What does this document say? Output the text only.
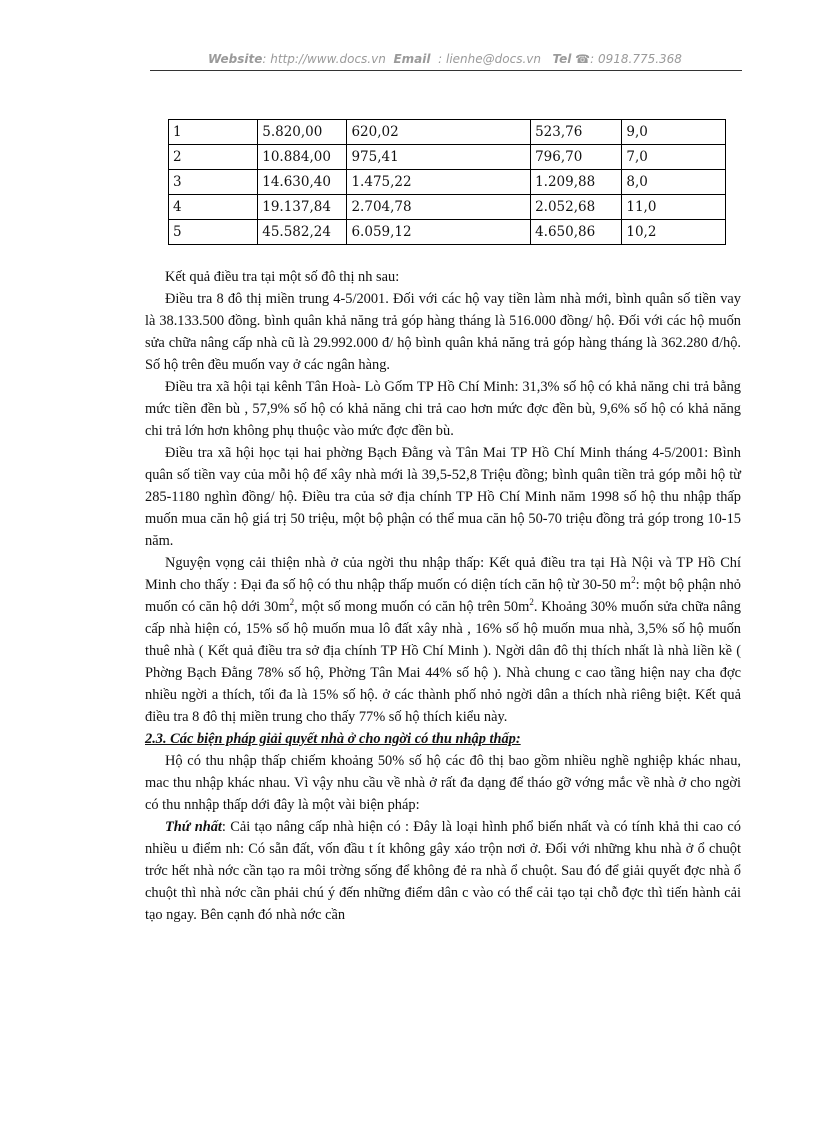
Website: http://www.docs.vn Email : lienhe@docs.vn Tel ☎: 0918.775.368
1	5.820,00	620,02	523,76	9,0
2	10.884,00	975,41	796,70	7,0
3	14.630,40	1.475,22	1.209,88	8,0
4	19.137,84	2.704,78	2.052,68	11,0
5	45.582,24	6.059,12	4.650,86	10,2

Kết quả điều tra tại một số đô thị nh sau:

Điều tra 8 đô thị miền trung 4-5/2001. Đối với các hộ vay tiền làm nhà mới, bình quân số tiền vay là 38.133.500 đồng. bình quân khả năng trả góp hàng tháng là 516.000 đồng/ hộ. Đối với các hộ muốn sửa chữa nâng cấp nhà cũ là 29.992.000 đ/ hộ bình quân khả năng trả góp hàng tháng là 362.280 đ/hộ. Số hộ trên đều muốn vay ở các ngân hàng.

Điều tra xã hội tại kênh Tân Hoà- Lò Gốm TP Hồ Chí Minh: 31,3% số hộ có khả năng chi trả bằng mức tiền đền bù , 57,9% số hộ có khả năng chi trả cao hơn mức đợc đền bù, 9,6% số hộ có khả năng chi trả lớn hơn không phụ thuộc vào mức đợc đền bù.

Điều tra xã hội học tại hai phờng Bạch Đằng và Tân Mai TP Hồ Chí Minh tháng 4-5/2001: Bình quân số tiền vay của mỗi hộ để xây nhà mới là 39,5-52,8 Triệu đồng; bình quân tiền trả góp mỗi hộ từ 285-1180 nghìn đồng/ hộ. Điều tra của sở địa chính TP Hồ Chí Minh năm 1998 số hộ thu nhập thấp muốn mua căn hộ giá trị 50 triệu, một bộ phận có thể mua căn hộ 50-70 triệu đồng trả góp trong 10-15 năm.

Nguyện vọng cải thiện nhà ở của ngời thu nhập thấp: Kết quả điều tra tại Hà Nội và TP Hồ Chí Minh cho thấy : Đại đa số hộ có thu nhập thấp muốn có diện tích căn hộ từ 30-50 $m^2$: một bộ phận nhỏ muốn có căn hộ dới $30m^2$, một số mong muốn có căn hộ trên $50m^2$. Khoảng 30% muốn sửa chữa nâng cấp nhà hiện có, 15% số hộ muốn mua lô đất xây nhà , 16% số hộ muốn mua nhà, 3,5% số hộ muốn thuê nhà ( Kết quả điều tra sở địa chính TP Hồ Chí Minh ). Ngời dân đô thị thích nhất là nhà liền kề ( Phờng Bạch Đằng 78% số hộ, Phờng Tân Mai 44% số hộ ). Nhà chung c cao tầng hiện nay cha đợc nhiều ngời a thích, tối đa là 15% số hộ. ở các thành phố nhỏ ngời dân a thích nhà riêng biệt. Kết quả điều tra 8 đô thị miền trung cho thấy 77% số hộ thích kiểu này.

2.3. Các biện pháp giải quyết nhà ở cho ngời có thu nhập thấp:

Hộ có thu nhập thấp chiếm khoảng 50% số hộ các đô thị bao gồm nhiều nghề nghiệp khác nhau, mac thu nhập khác nhau. Vì vậy nhu cầu về nhà ở rất đa dạng để tháo gỡ vớng mắc về nhà ở cho ngời có thu nnhập thấp dới đây là một vài biện pháp:

Thứ nhất: Cải tạo nâng cấp nhà hiện có : Đây là loại hình phổ biến nhất và có tính khả thi cao có nhiều u điểm nh: Có sẵn đất, vốn đầu t ít không gây xáo trộn nơi ở. Đối với những khu nhà ở ổ chuột trớc hết nhà nớc cần tạo ra môi trờng sống để không đẻ ra nhà ổ chuột. Sau đó để giải quyết đợc nhà ổ chuột thì nhà nớc cần phải chú ý đến những điểm dân c vào có thể cải tạo tại chỗ đợc thì tiến hành cải tạo ngay. Bên cạnh đó nhà nớc cần
